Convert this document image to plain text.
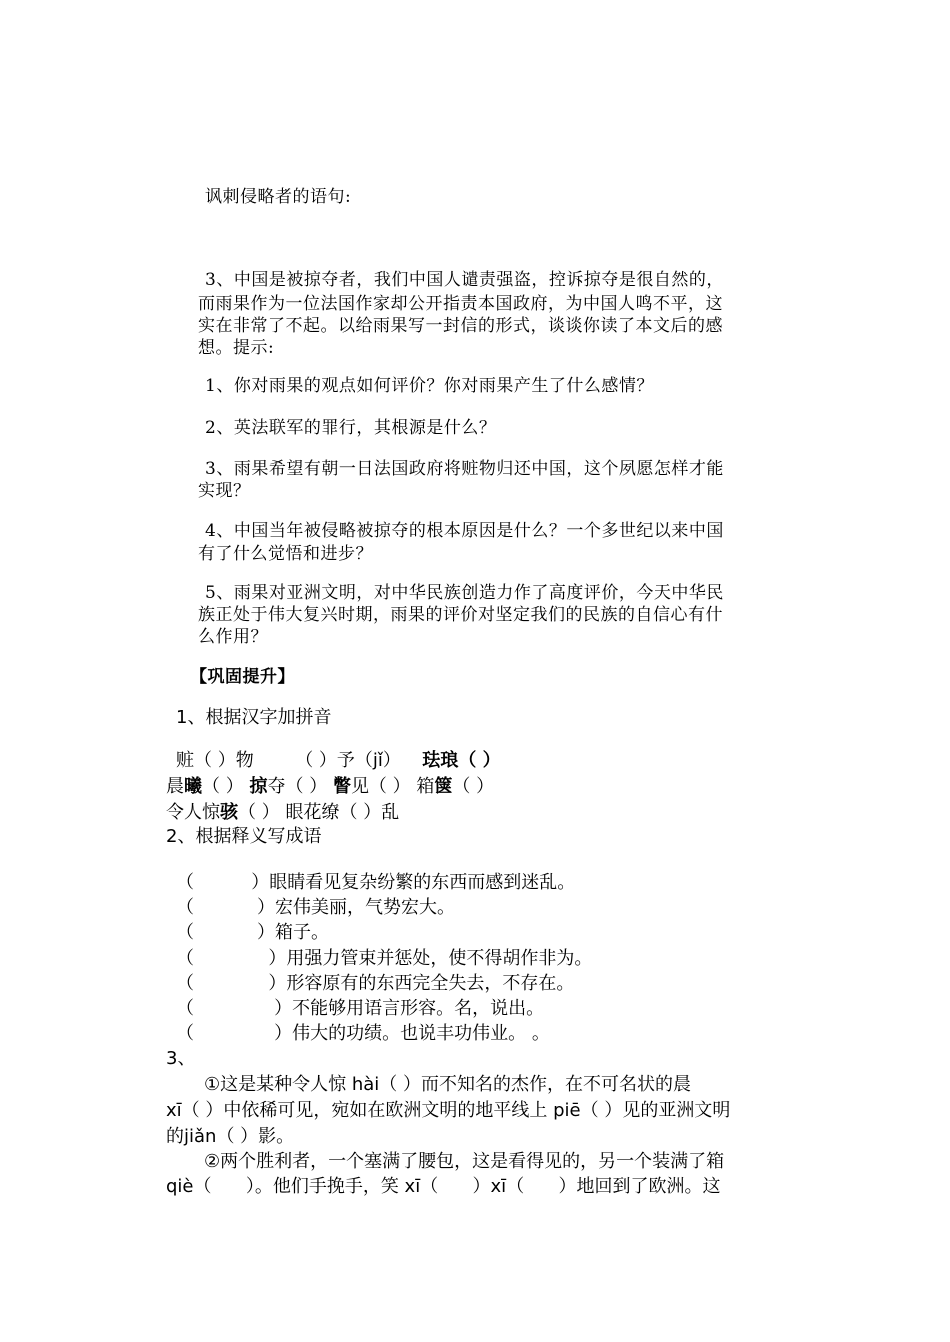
讽刺侵略者的语句:
3、中国是被掠夺者，我们中国人谴责强盗，控诉掠夺是很自然的，
而雨果作为一位法国作家却公开指责本国政府，为中国人鸣不平，这
实在非常了不起。以给雨果写一封信的形式，谈谈你读了本文后的感
想。提示:
1、你对雨果的观点如何评价？你对雨果产生了什么感情？
2、英法联军的罪行，其根源是什么？
3、雨果希望有朝一日法国政府将赃物归还中国，这个夙愿怎样才能
实现？
4、中国当年被侵略被掠夺的根本原因是什么？一个多世纪以来中国
有了什么觉悟和进步？
5、雨果对亚洲文明，对中华民族创造力作了高度评价，今天中华民
族正处于伟大复兴时期，雨果的评价对坚定我们的民族的自信心有什
么作用？
【巩固提升】
1、根据汉字加拼音
赃（ ）物 （ ）予（jǐ） 珐琅（ ）
晨曦（ ） 掠夺（ ） 瞥见（ ） 箱箧（ ）
令人惊骇（ ） 眼花缭（ ）乱
2、根据释义写成语
（          ）眼睛看见复杂纷繁的东西而感到迷乱。
（           ）宏伟美丽，气势宏大。
（           ）箱子。
（             ）用强力管束并惩处，使不得胡作非为。
（             ）形容原有的东西完全失去，不存在。
（              ）不能够用语言形容。名，说出。
（              ）伟大的功绩。也说丰功伟业。 。
3、
①这是某种令人惊 hài（ ）而不知名的杰作，在不可名状的晨
xī（ ）中依稀可见，宛如在欧洲文明的地平线上 piē（ ）见的亚洲文明
的jiǎn（ ）影。
②两个胜利者，一个塞满了腰包，这是看得见的，另一个装满了箱
qiè（      ）。他们手挽手，笑 xī（      ）xī（      ）地回到了欧洲。这
